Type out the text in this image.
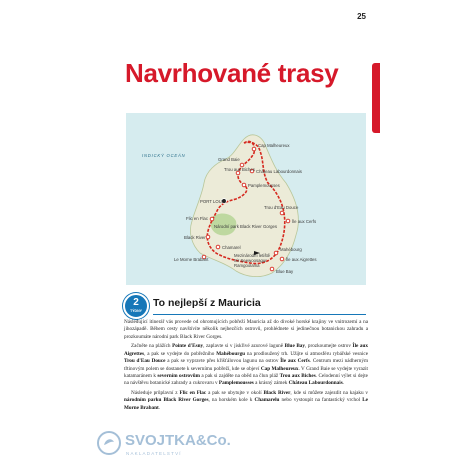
25
Navrhované trasy
INDICKÝ OCEÁN
Cap Malheureux
Grand Baie
Trou aux Biches Château Labourdonnais
Pamplemousses
PORT LOUIS
Flic en Flac
Trou d'Eau Douce
Île aux Cerfs
Národní park Black River Gorges
Black River
Chamarel
Le Morne Brabant
Mahébourg
Île aux Aigrettes
Blue Bay
Mezinárodní letiště
Sir Seewoosagur
Ramgoolama
2
TÝDNY
To nejlepší z Mauricia

Následující itinerář vás provede od ohromujících pobřeží Mauricia až do divoké horské krajiny ve vnitrozemí a na jihozápadě. Během cesty navštívíte několik nejhezčích ostrovů, prohlédnete si jedinečnou botanickou zahradu a prozkoumáte národní park Black River Gorges.

Začněte na plážích Pointe d'Esny, zaplavte si v jiskřivé azurové laguně Blue Bay, prozkoumejte ostrov Île aux Aigrettes, a pak se vydejte do pobřežního Mahébourgu na prodloužený trh. Užijte si atmosféru rybářské vesnice Trou d'Eau Douce a pak se vypravte přes křišťálovou lagunu na ostrov Île aux Cerfs. Centrum mezi nádherným třtinovým polem se dostanete k severnímu pobřeží, kde se objeví Cap Malheureux. V Grand Baie se vydejte vyrazit katamaránem k severním ostrovům a pak si zajděte na oběd na člun pláž Trou aux Biches. Celodenní výlet si dejte na návštěvu botanické zahrady a cukrovaru v Pamplemousses a krásný zámek Château Labourdonnais.

Následuje průplavní z Flic en Flac a pak se ubytujte v okolí Black River, kde si můžete zajezdit na kajaku v národním parku Black River Gorges, na horském kole k Chamarelu nebo vystoupit na fantastický vrchol Le Morne Brabant.

SVOJTKA&Co.
NAKLADATELSTVÍ
